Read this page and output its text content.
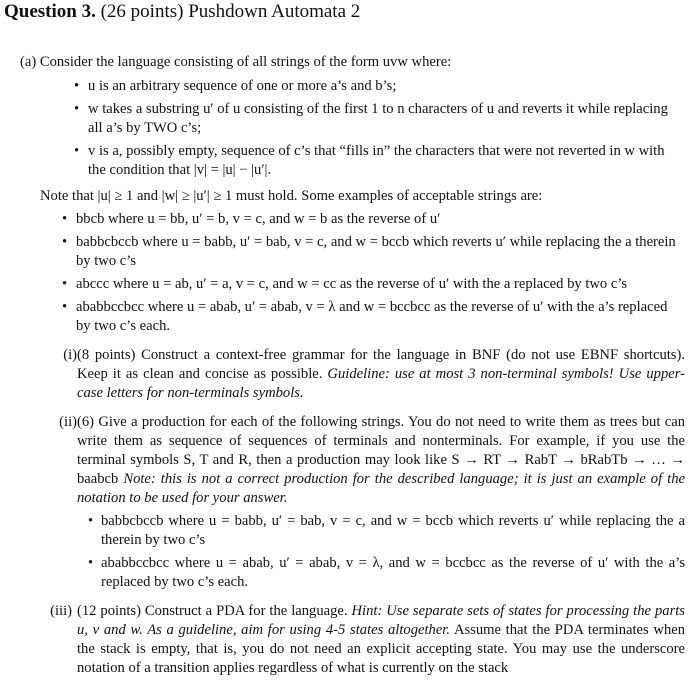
Question 3. (26 points) Pushdown Automata 2
(a) Consider the language consisting of all strings of the form uvw where:
• u is an arbitrary sequence of one or more a’s and b’s;
• w takes a substring u′ of u consisting of the first 1 to n characters of u and reverts it while replacing all a’s by TWO c’s;
• v is a, possibly empty, sequence of c’s that “fills in” the characters that were not reverted in w with the condition that |v| = |u| − |u′|.
Note that |u| ≥ 1 and |w| ≥ |u′| ≥ 1 must hold. Some examples of acceptable strings are:
• bbcb where u = bb, u′ = b, v = c, and w = b as the reverse of u′
• babbcbccb where u = babb, u′ = bab, v = c, and w = bccb which reverts u′ while replacing the a therein by two c’s
• abccc where u = ab, u′ = a, v = c, and w = cc as the reverse of u′ with the a replaced by two c’s
• ababbccbcc where u = abab, u′ = abab, v = λ and w = bccbcc as the reverse of u′ with the a’s replaced by two c’s each.
(i) (8 points) Construct a context-free grammar for the language in BNF (do not use EBNF shortcuts). Keep it as clean and concise as possible. Guideline: use at most 3 non-terminal symbols! Use upper-case letters for non-terminals symbols.
(ii) (6) Give a production for each of the following strings. You do not need to write them as trees but can write them as sequence of sequences of terminals and nonterminals. For example, if you use the terminal symbols S, T and R, then a production may look like S → RT → RabT → bRabTb → … → baabcb Note: this is not a correct production for the described language; it is just an example of the notation to be used for your answer.
• babbcbccb where u = babb, u′ = bab, v = c, and w = bccb which reverts u′ while replacing the a therein by two c’s
• ababbccbcc where u = abab, u′ = abab, v = λ, and w = bccbcc as the reverse of u′ with the a’s replaced by two c’s each.
(iii) (12 points) Construct a PDA for the language. Hint: Use separate sets of states for processing the parts u, v and w. As a guideline, aim for using 4-5 states altogether. Assume that the PDA terminates when the stack is empty, that is, you do not need an explicit accepting state. You may use the underscore notation of a transition applies regardless of what is currently on the stack
